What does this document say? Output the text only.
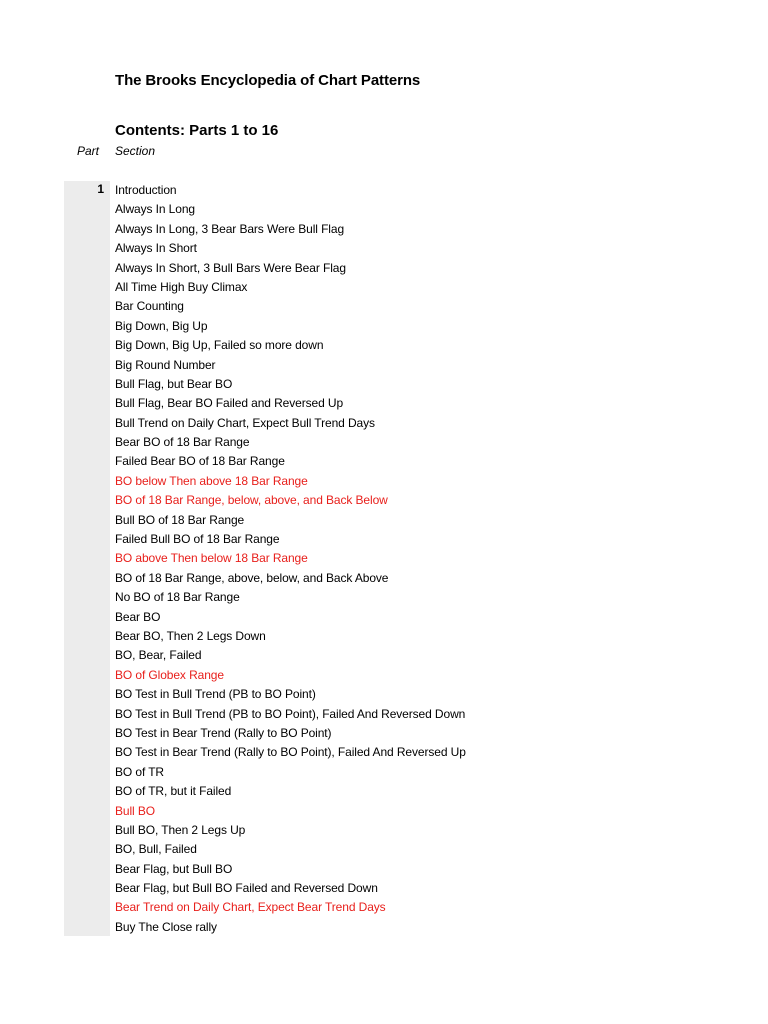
The Brooks Encyclopedia of Chart Patterns
Contents: Parts 1 to 16
Part Section
1 Introduction
Always In Long
Always In Long, 3 Bear Bars Were Bull Flag
Always In Short
Always In Short, 3 Bull Bars Were Bear Flag
All Time High Buy Climax
Bar Counting
Big Down, Big Up
Big Down, Big Up, Failed so more down
Big Round Number
Bull Flag, but Bear BO
Bull Flag, Bear BO Failed and Reversed Up
Bull Trend on Daily Chart, Expect Bull Trend Days
Bear BO of 18 Bar Range
Failed Bear BO of 18 Bar Range
BO below Then above 18 Bar Range
BO of 18 Bar Range, below, above, and Back Below
Bull BO of 18 Bar Range
Failed Bull BO of 18 Bar Range
BO above Then below 18 Bar Range
BO of 18 Bar Range, above, below, and Back Above
No BO of 18 Bar Range
Bear BO
Bear BO, Then 2 Legs Down
BO, Bear, Failed
BO of Globex Range
BO Test in Bull Trend (PB to BO Point)
BO Test in Bull Trend (PB to BO Point), Failed And Reversed Down
BO Test in Bear Trend (Rally to BO Point)
BO Test in Bear Trend (Rally to BO Point), Failed And Reversed Up
BO of TR
BO of TR, but it Failed
Bull BO
Bull BO, Then 2 Legs Up
BO, Bull, Failed
Bear Flag, but Bull BO
Bear Flag, but Bull BO Failed and Reversed Down
Bear Trend on Daily Chart, Expect Bear Trend Days
Buy The Close rally
